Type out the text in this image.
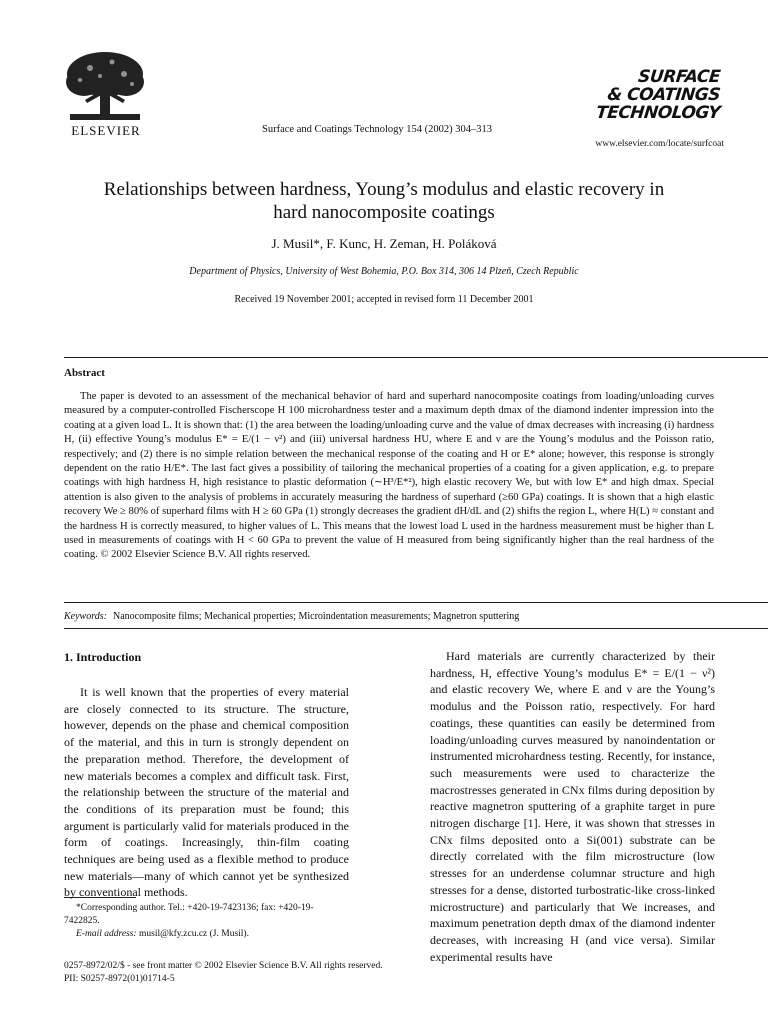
ELSEVIER	Surface and Coatings Technology 154 (2002) 304–313
SURFACE
& COATINGS
TECHNOLOGY
www.elsevier.com/locate/surfcoat
Relationships between hardness, Young’s modulus and elastic recovery in
hard nanocomposite coatings
J. Musil*, F. Kunc, H. Zeman, H. Poláková
Department of Physics, University of West Bohemia, P.O. Box 314, 306 14 Plzeň, Czech Republic
Received 19 November 2001; accepted in revised form 11 December 2001
Abstract
The paper is devoted to an assessment of the mechanical behavior of hard and superhard nanocomposite coatings from loading/unloading curves measured by a computer-controlled Fischerscope H 100 microhardness tester and a maximum depth dmax of the diamond indenter impression into the coating at a given load L. It is shown that: (1) the area between the loading/unloading curve and the value of dmax decreases with increasing (i) hardness H, (ii) effective Young’s modulus E* = E/(1 − ν²) and (iii) universal hardness HU, where E and ν are the Young’s modulus and the Poisson ratio, respectively; and (2) there is no simple relation between the mechanical response of the coating and H or E* alone; however, this response is strongly dependent on the ratio H/E*. The last fact gives a possibility of tailoring the mechanical properties of a coating for a given application, e.g. to prepare coatings with high hardness H, high resistance to plastic deformation (∼H³/E*²), high elastic recovery We, but with low E* and high dmax. Special attention is also given to the analysis of problems in accurately measuring the hardness of superhard (≥60 GPa) coatings. It is shown that a high elastic recovery We ≥ 80% of superhard films with H ≥ 60 GPa (1) strongly decreases the gradient dH/dL and (2) shifts the region L, where H(L) ≈ constant and the hardness H is correctly measured, to higher values of L. This means that the lowest load L used in the hardness measurement must be higher than L used in measurements of coatings with H < 60 GPa to prevent the value of H measured from being significantly higher than the real hardness of the coating. © 2002 Elsevier Science B.V. All rights reserved.
Keywords: Nanocomposite films; Mechanical properties; Microindentation measurements; Magnetron sputtering
1. Introduction

It is well known that the properties of every material are closely connected to its structure. The structure, however, depends on the phase and chemical composition of the material, and this in turn is strongly dependent on the preparation method. Therefore, the development of new materials becomes a complex and difficult task. First, the relationship between the structure of the material and the conditions of its preparation must be found; this argument is particularly valid for materials produced in the form of coatings. Increasingly, thin-film coating techniques are being used as a flexible method to produce new materials—many of which cannot yet be synthesized by conventional methods.

Hard materials are currently characterized by their hardness, H, effective Young’s modulus E* = E/(1 − ν²) and elastic recovery We, where E and ν are the Young’s modulus and the Poisson ratio, respectively. For hard coatings, these quantities can easily be determined from loading/unloading curves measured by nanoindentation or instrumented microhardness testing. Recently, for instance, such measurements were used to characterize the macrostresses generated in CNx films during deposition by reactive magnetron sputtering of a graphite target in pure nitrogen discharge [1]. Here, it was shown that stresses in CNx films deposited onto a Si(001) substrate can be directly correlated with the film microstructure (low stresses for an underdense columnar structure and high stresses for a dense, distorted turbostratic-like cross-linked microstructure) and particularly that We increases, and maximum penetration depth dmax of the diamond indenter decreases, with increasing H (and vice versa). Similar experimental results have

*Corresponding author. Tel.: +420-19-7423136; fax: +420-19-7422825.

E-mail address: musil@kfy.zcu.cz (J. Musil).

0257-8972/02/$ - see front matter © 2002 Elsevier Science B.V. All rights reserved.
PII: S0257-8972(01)01714-5
